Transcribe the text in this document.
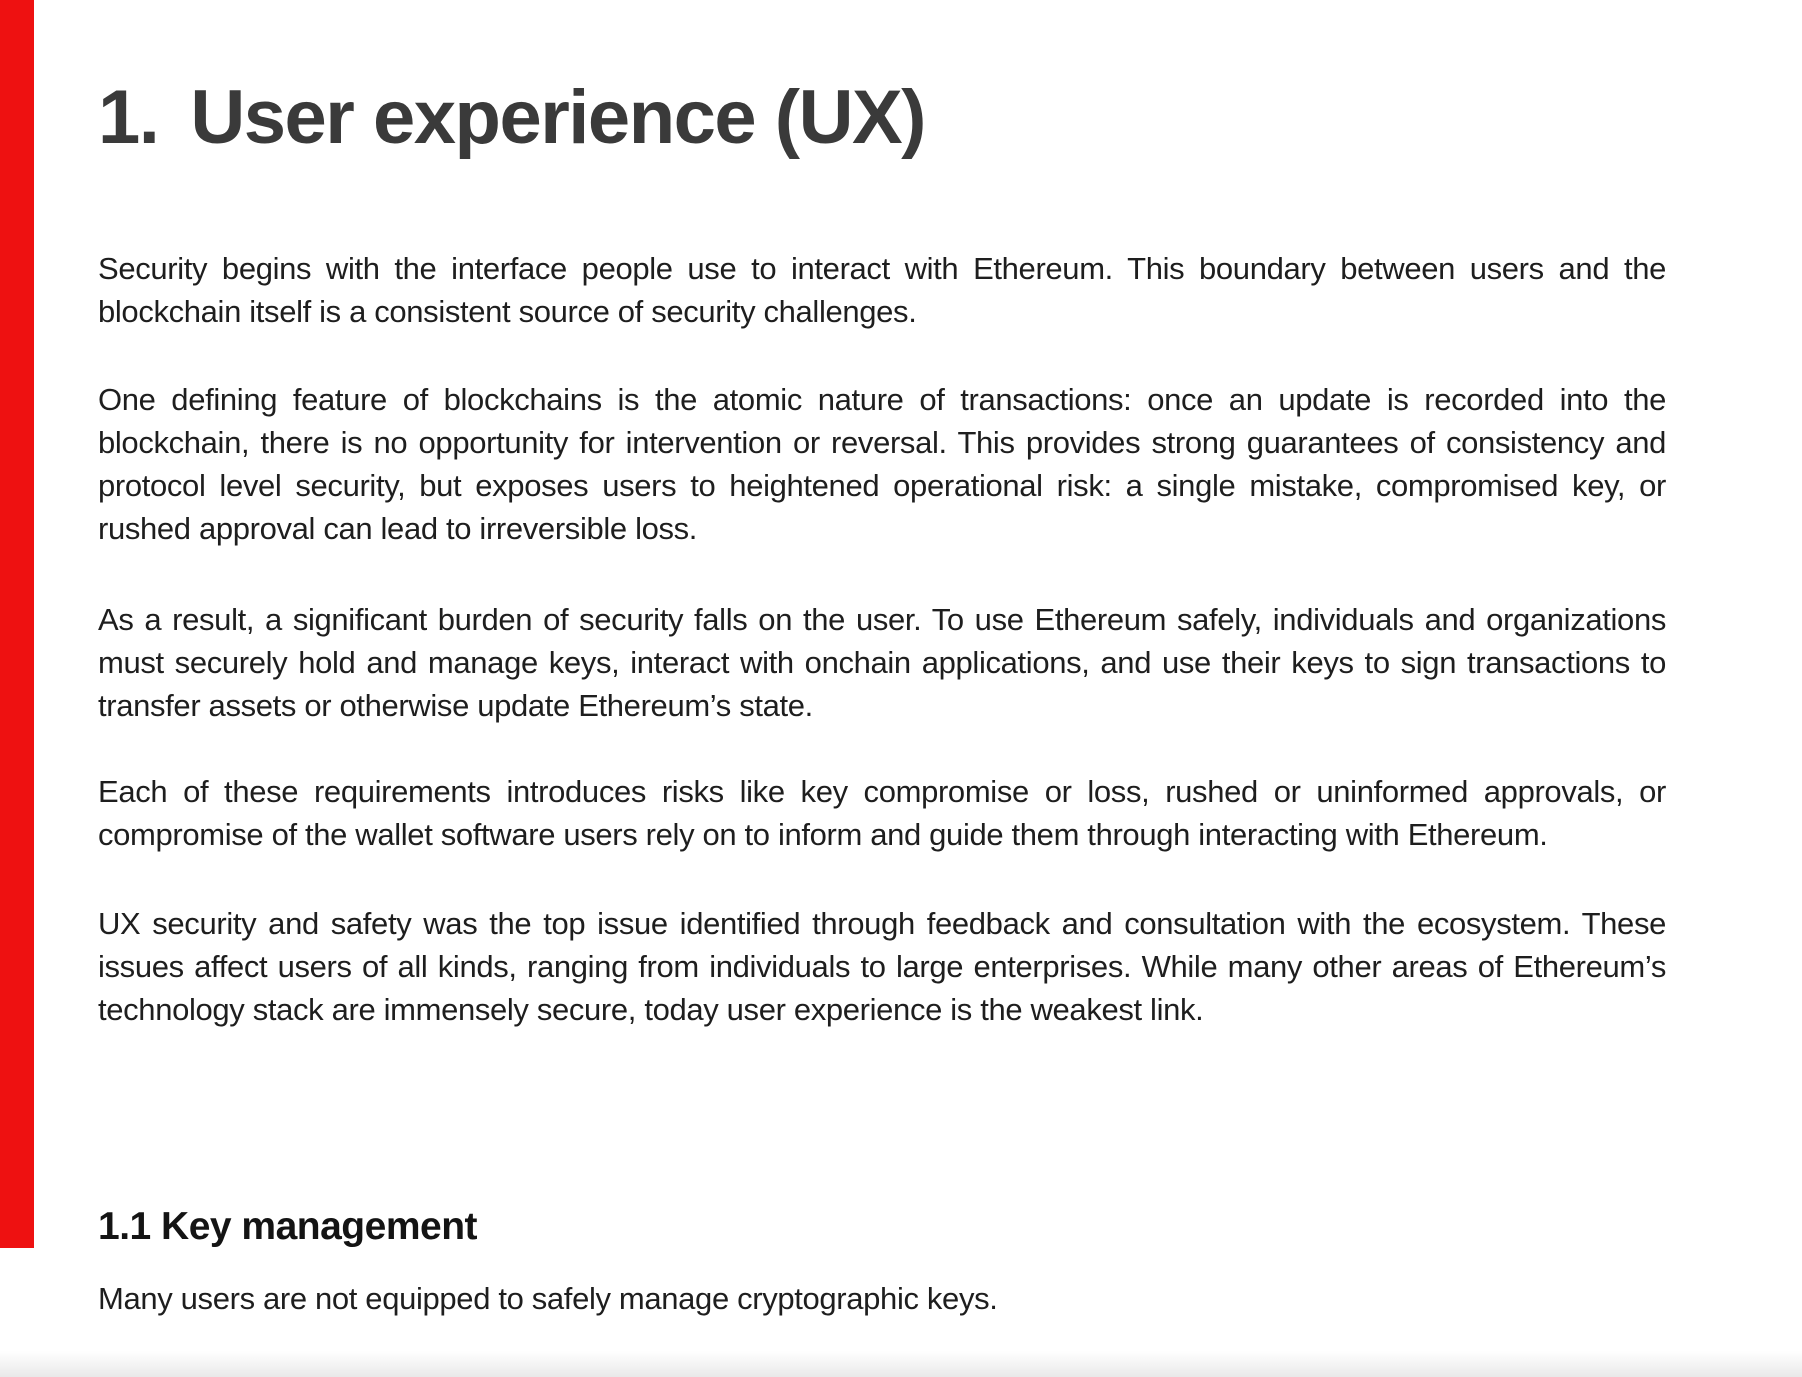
1. User experience (UX)

Security begins with the interface people use to interact with Ethereum. This boundary between users and the blockchain itself is a consistent source of security challenges.

One defining feature of blockchains is the atomic nature of transactions: once an update is recorded into the blockchain, there is no opportunity for intervention or reversal. This provides strong guarantees of consistency and protocol level security, but exposes users to heightened operational risk: a single mistake, compromised key, or rushed approval can lead to irreversible loss.

As a result, a significant burden of security falls on the user. To use Ethereum safely, individuals and organizations must securely hold and manage keys, interact with onchain applications, and use their keys to sign transactions to transfer assets or otherwise update Ethereum’s state.

Each of these requirements introduces risks like key compromise or loss, rushed or uninformed approvals, or compromise of the wallet software users rely on to inform and guide them through interacting with Ethereum.

UX security and safety was the top issue identified through feedback and consultation with the ecosystem. These issues affect users of all kinds, ranging from individuals to large enterprises. While many other areas of Ethereum’s technology stack are immensely secure, today user experience is the weakest link.

1.1 Key management

Many users are not equipped to safely manage cryptographic keys.
